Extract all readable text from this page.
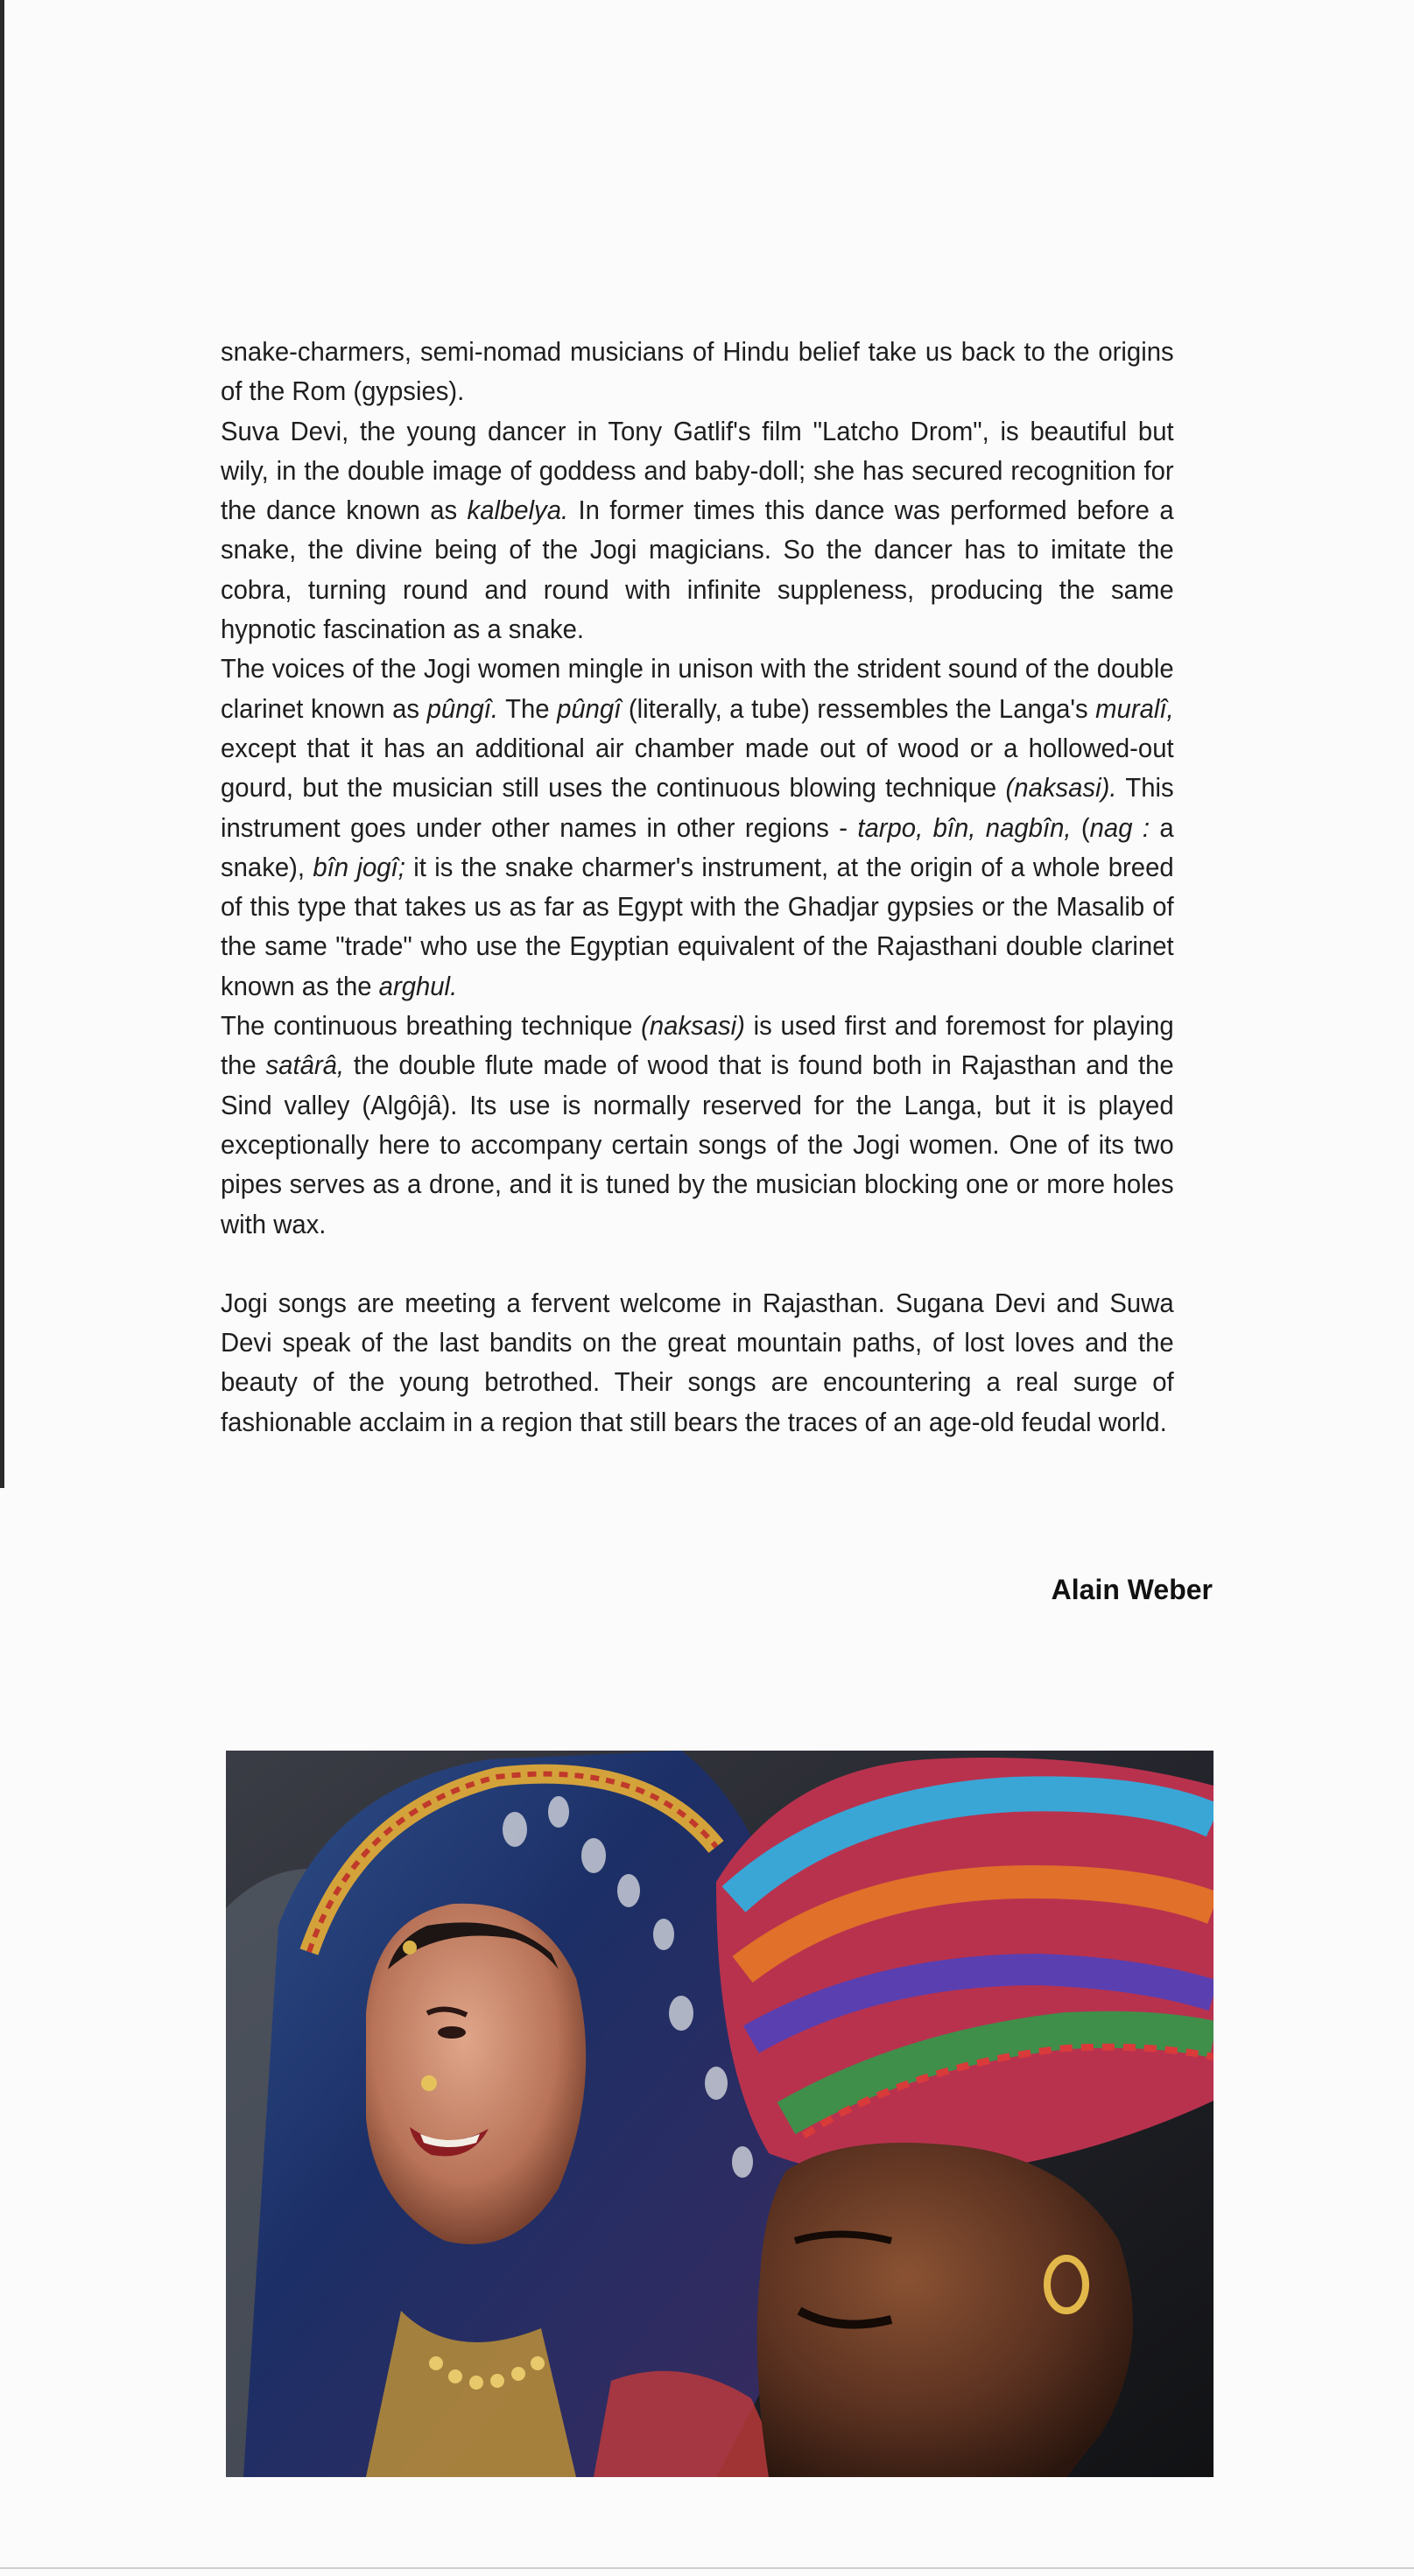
snake-charmers, semi-nomad musicians of Hindu belief take us back to the origins of the Rom (gypsies).

Suva Devi, the young dancer in Tony Gatlif's film "Latcho Drom", is beautiful but wily, in the double image of goddess and baby-doll; she has secured recognition for the dance known as kalbelya. In former times this dance was performed before a snake, the divine being of the Jogi magicians. So the dancer has to imitate the cobra, turning round and round with infinite suppleness, producing the same hypnotic fascination as a snake.

The voices of the Jogi women mingle in unison with the strident sound of the double clarinet known as pûngî. The pûngî (literally, a tube) ressembles the Langa's muralî, except that it has an additional air chamber made out of wood or a hollowed-out gourd, but the musician still uses the continuous blowing technique (naksasi). This instrument goes under other names in other regions - tarpo, bîn, nagbîn, (nag : a snake), bîn jogî; it is the snake charmer's instrument, at the origin of a whole breed of this type that takes us as far as Egypt with the Ghadjar gypsies or the Masalib of the same "trade" who use the Egyptian equivalent of the Rajasthani double clarinet known as the arghul.

The continuous breathing technique (naksasi) is used first and foremost for playing the satârâ, the double flute made of wood that is found both in Rajasthan and the Sind valley (Algôjâ). Its use is normally reserved for the Langa, but it is played exceptionally here to accompany certain songs of the Jogi women. One of its two pipes serves as a drone, and it is tuned by the musician blocking one or more holes with wax.

Jogi songs are meeting a fervent welcome in Rajasthan. Sugana Devi and Suwa Devi speak of the last bandits on the great mountain paths, of lost loves and the beauty of the young betrothed. Their songs are encountering a real surge of fashionable acclaim in a region that still bears the traces of an age-old feudal world.

Alain Weber
